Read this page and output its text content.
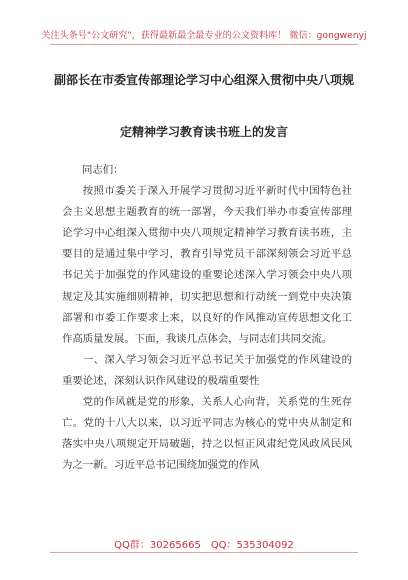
关注头条号"公文研究"，获得最新最全最专业的公文资料库！ 微信：gongwenyj
副部长在市委宣传部理论学习中心组深入贯彻中央八项规
定精神学习教育读书班上的发言

同志们：

按照市委关于深入开展学习贯彻习近平新时代中国特色社会主义思想主题教育的统一部署，今天我们举办市委宣传部理论学习中心组深入贯彻中央八项规定精神学习教育读书班，主要目的是通过集中学习，教育引导党员干部深刻领会习近平总书记关于加强党的作风建设的重要论述深入学习领会中央八项规定及其实施细则精神，切实把思想和行动统一到党中央决策部署和市委工作要求上来，以良好的作风推动宣传思想文化工作高质量发展。下面，我谈几点体会，与同志们共同交流。

一、深入学习领会习近平总书记关于加强党的作风建设的重要论述，深刻认识作风建设的极端重要性

党的作风就是党的形象，关系人心向背，关系党的生死存亡。党的十八大以来，以习近平同志为核心的党中央从制定和落实中央八项规定开局破题，持之以恒正风肃纪党风政风民风为之一新。习近平总书记围绕加强党的作风

QQ群：30265665 QQ：535304092
